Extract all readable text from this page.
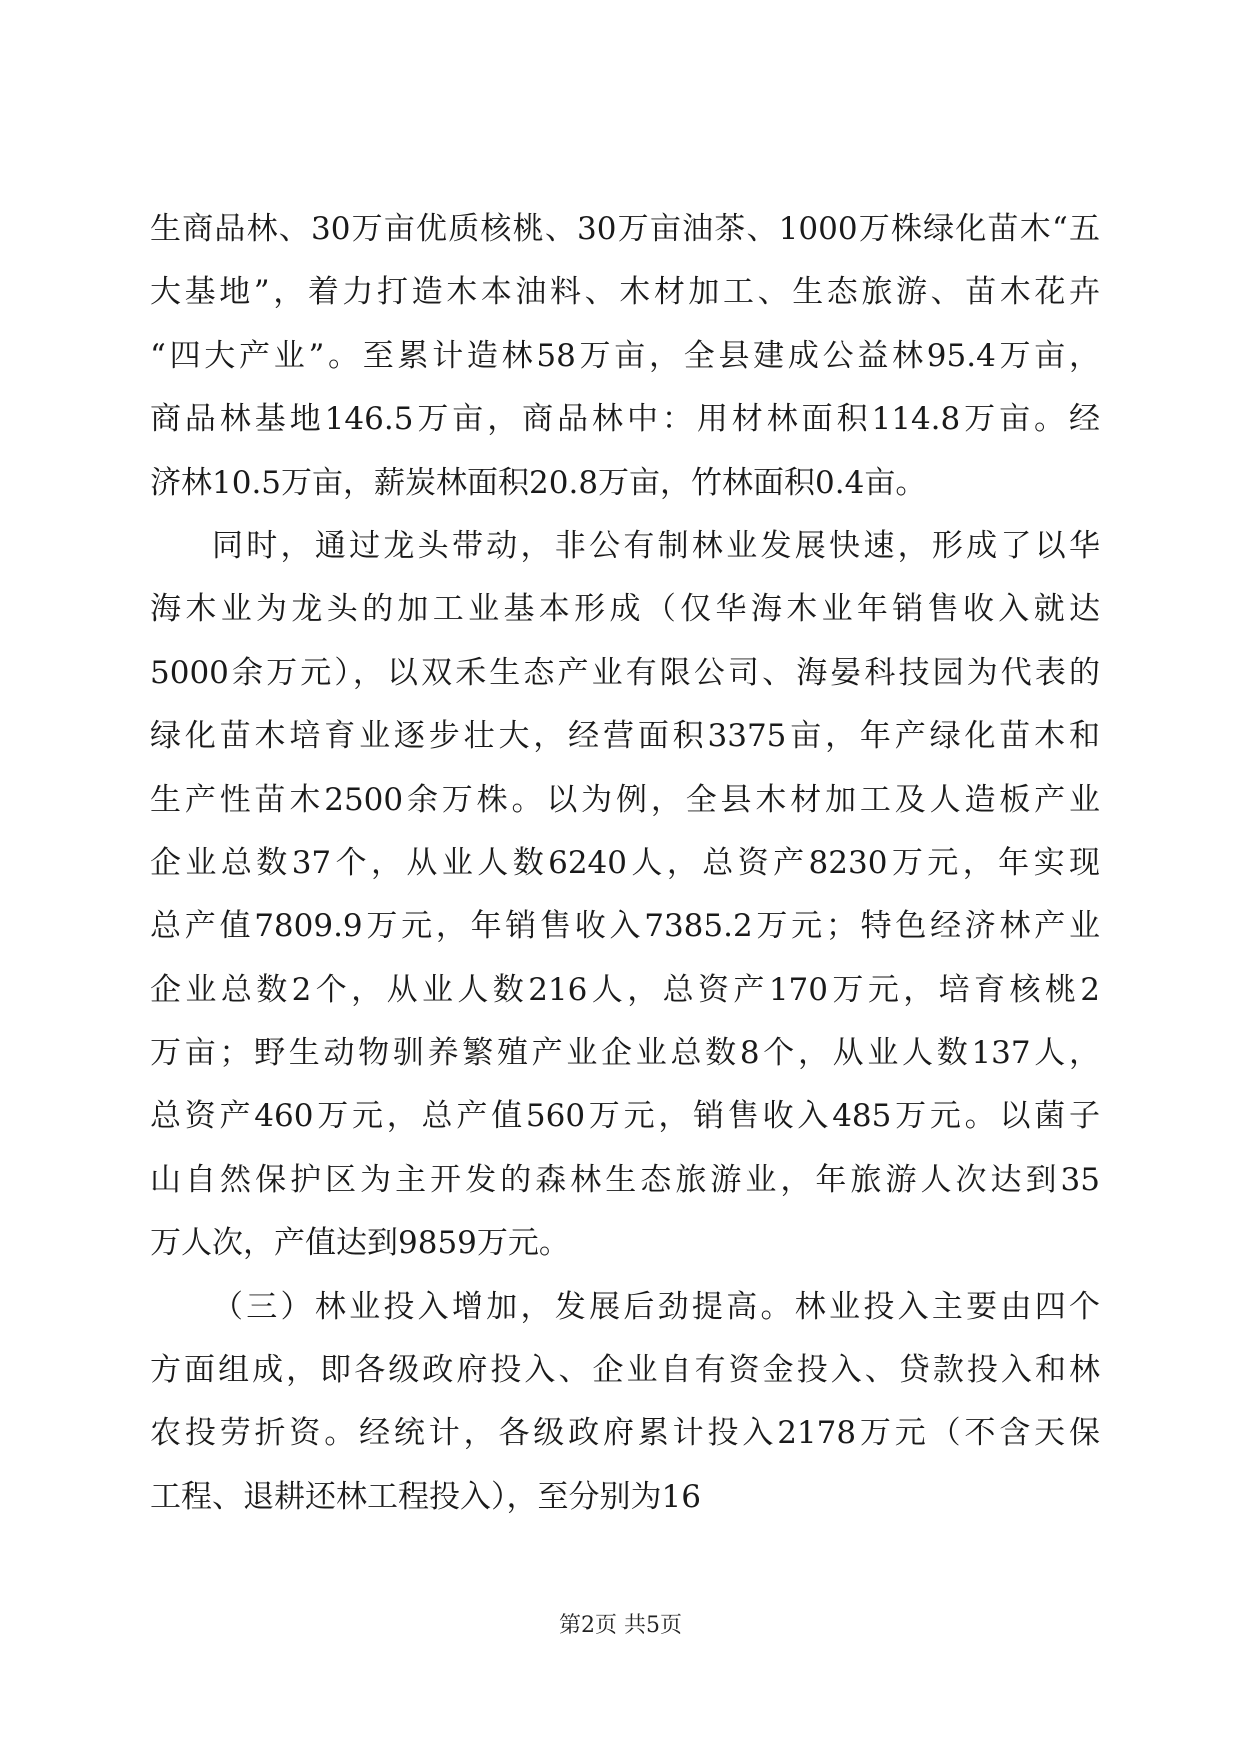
生商品林、30万亩优质核桃、30万亩油茶、1000万株绿化苗木“五
大基地”，着力打造木本油料、木材加工、生态旅游、苗木花卉
“四大产业”。至累计造林58万亩，全县建成公益林95.4万亩，
商品林基地146.5万亩，商品林中：用材林面积114.8万亩。经
济林10.5万亩，薪炭林面积20.8万亩，竹林面积0.4亩。
同时，通过龙头带动，非公有制林业发展快速，形成了以华
海木业为龙头的加工业基本形成（仅华海木业年销售收入就达
5000余万元），以双禾生态产业有限公司、海晏科技园为代表的
绿化苗木培育业逐步壮大，经营面积3375亩，年产绿化苗木和
生产性苗木2500余万株。以为例，全县木材加工及人造板产业
企业总数37个，从业人数6240人，总资产8230万元，年实现
总产值7809.9万元，年销售收入7385.2万元；特色经济林产业
企业总数2个，从业人数216人，总资产170万元，培育核桃2
万亩；野生动物驯养繁殖产业企业总数8个，从业人数137人，
总资产460万元，总产值560万元，销售收入485万元。以菌子
山自然保护区为主开发的森林生态旅游业，年旅游人次达到35
万人次，产值达到9859万元。
（三）林业投入增加，发展后劲提高。林业投入主要由四个
方面组成，即各级政府投入、企业自有资金投入、贷款投入和林
农投劳折资。经统计，各级政府累计投入2178万元（不含天保
工程、退耕还林工程投入），至分别为16
第2页 共5页
